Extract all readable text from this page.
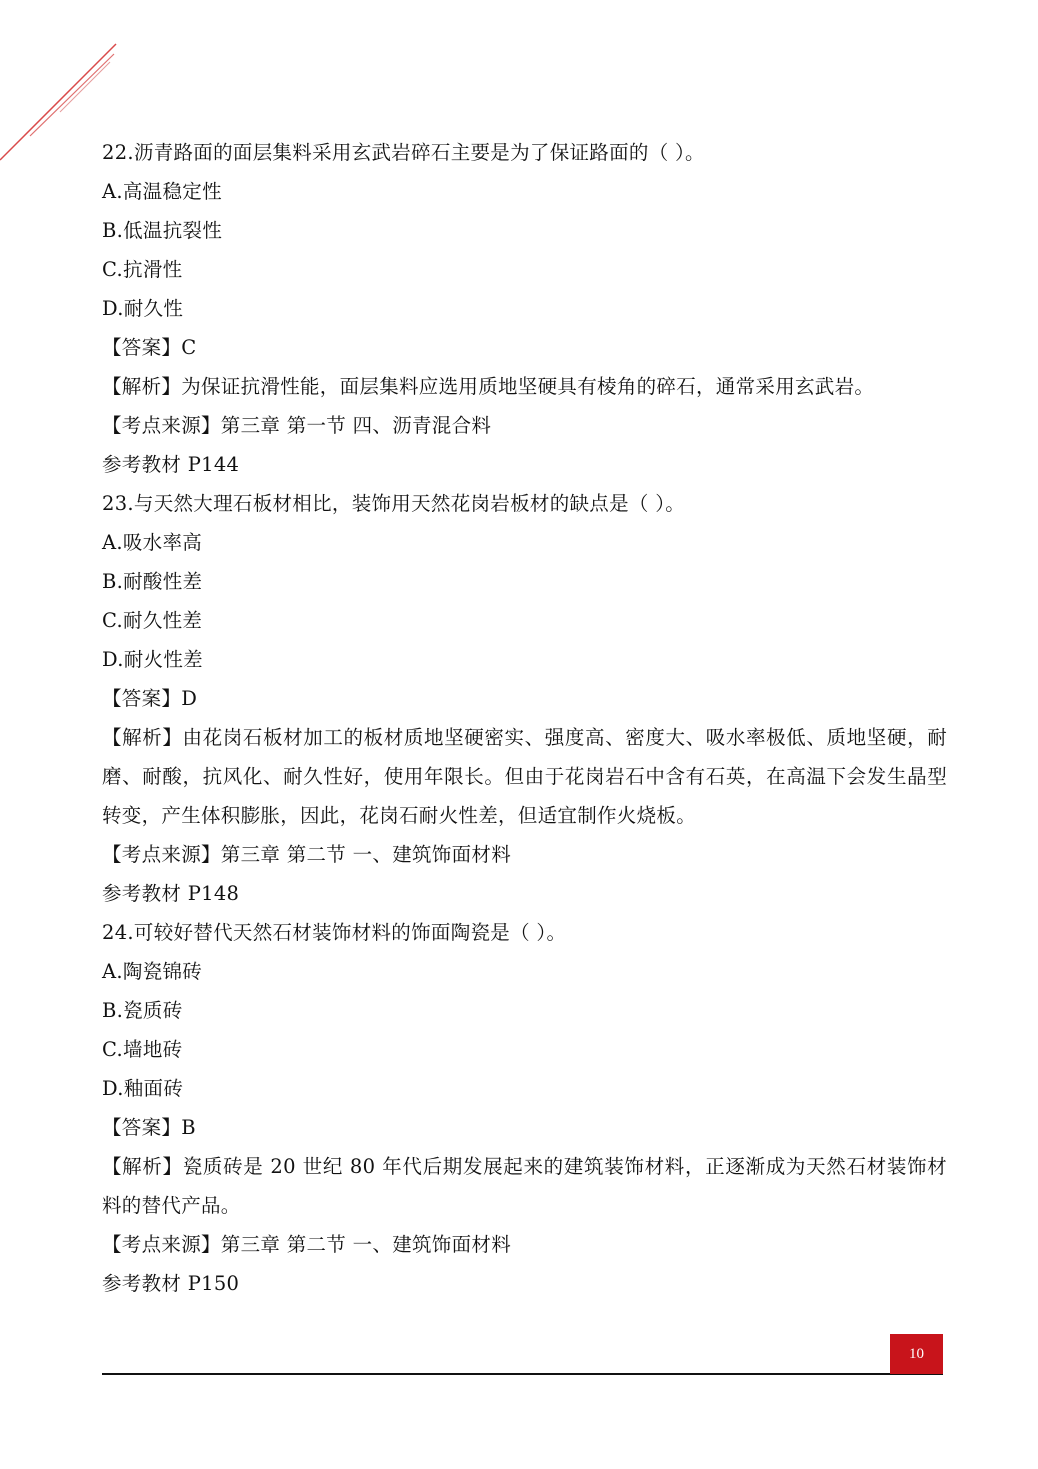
22.沥青路面的面层集料采用玄武岩碎石主要是为了保证路面的（ ）。
A.高温稳定性
B.低温抗裂性
C.抗滑性
D.耐久性
【答案】C
【解析】为保证抗滑性能，面层集料应选用质地坚硬具有棱角的碎石，通常采用玄武岩。
【考点来源】第三章 第一节 四、沥青混合料
参考教材 P144
23.与天然大理石板材相比，装饰用天然花岗岩板材的缺点是（ ）。
A.吸水率高
B.耐酸性差
C.耐久性差
D.耐火性差
【答案】D
【解析】由花岗石板材加工的板材质地坚硬密实、强度高、密度大、吸水率极低、质地坚硬，耐磨、耐酸，抗风化、耐久性好，使用年限长。但由于花岗岩石中含有石英，在高温下会发生晶型转变，产生体积膨胀，因此，花岗石耐火性差，但适宜制作火烧板。
【考点来源】第三章 第二节 一、建筑饰面材料
参考教材 P148
24.可较好替代天然石材装饰材料的饰面陶瓷是（ ）。
A.陶瓷锦砖
B.瓷质砖
C.墙地砖
D.釉面砖
【答案】B
【解析】瓷质砖是 20 世纪 80 年代后期发展起来的建筑装饰材料，正逐渐成为天然石材装饰材料的替代产品。
【考点来源】第三章 第二节 一、建筑饰面材料
参考教材 P150
10
